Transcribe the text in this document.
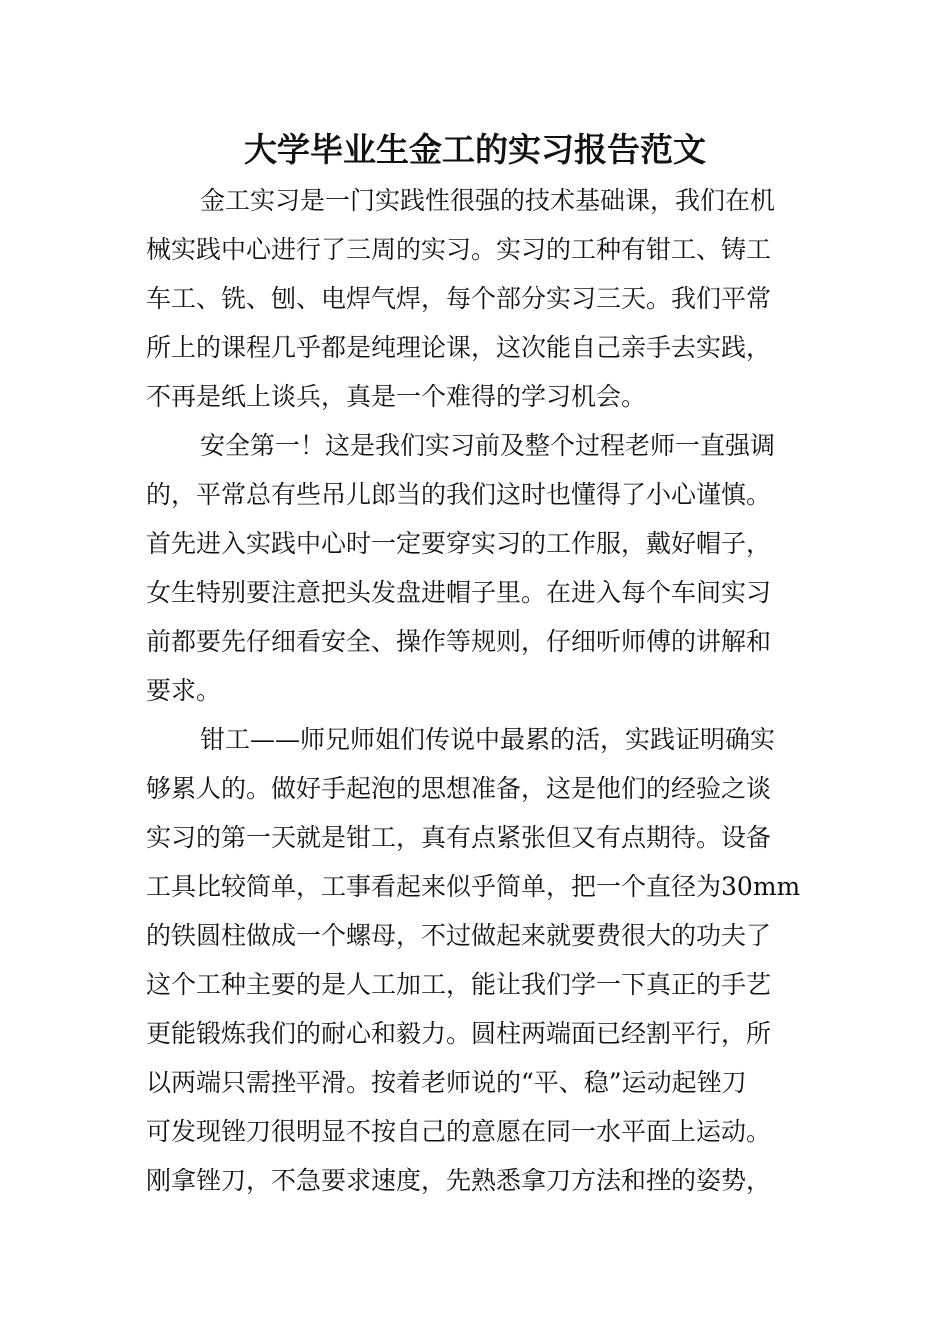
大学毕业生金工的实习报告范文
金工实习是一门实践性很强的技术基础课，我们在机
械实践中心进行了三周的实习。实习的工种有钳工、铸工
车工、铣、刨、电焊气焊，每个部分实习三天。我们平常
所上的课程几乎都是纯理论课，这次能自己亲手去实践，
不再是纸上谈兵，真是一个难得的学习机会。
安全第一！这是我们实习前及整个过程老师一直强调
的，平常总有些吊儿郎当的我们这时也懂得了小心谨慎。
首先进入实践中心时一定要穿实习的工作服，戴好帽子，
女生特别要注意把头发盘进帽子里。在进入每个车间实习
前都要先仔细看安全、操作等规则，仔细听师傅的讲解和
要求。
钳工——师兄师姐们传说中最累的活，实践证明确实
够累人的。做好手起泡的思想准备，这是他们的经验之谈
实习的第一天就是钳工，真有点紧张但又有点期待。设备
工具比较简单，工事看起来似乎简单，把一个直径为30mm
的铁圆柱做成一个螺母，不过做起来就要费很大的功夫了
这个工种主要的是人工加工，能让我们学一下真正的手艺
更能锻炼我们的耐心和毅力。圆柱两端面已经割平行，所
以两端只需挫平滑。按着老师说的“平、稳”运动起锉刀
可发现锉刀很明显不按自己的意愿在同一水平面上运动。
刚拿锉刀，不急要求速度，先熟悉拿刀方法和挫的姿势，
